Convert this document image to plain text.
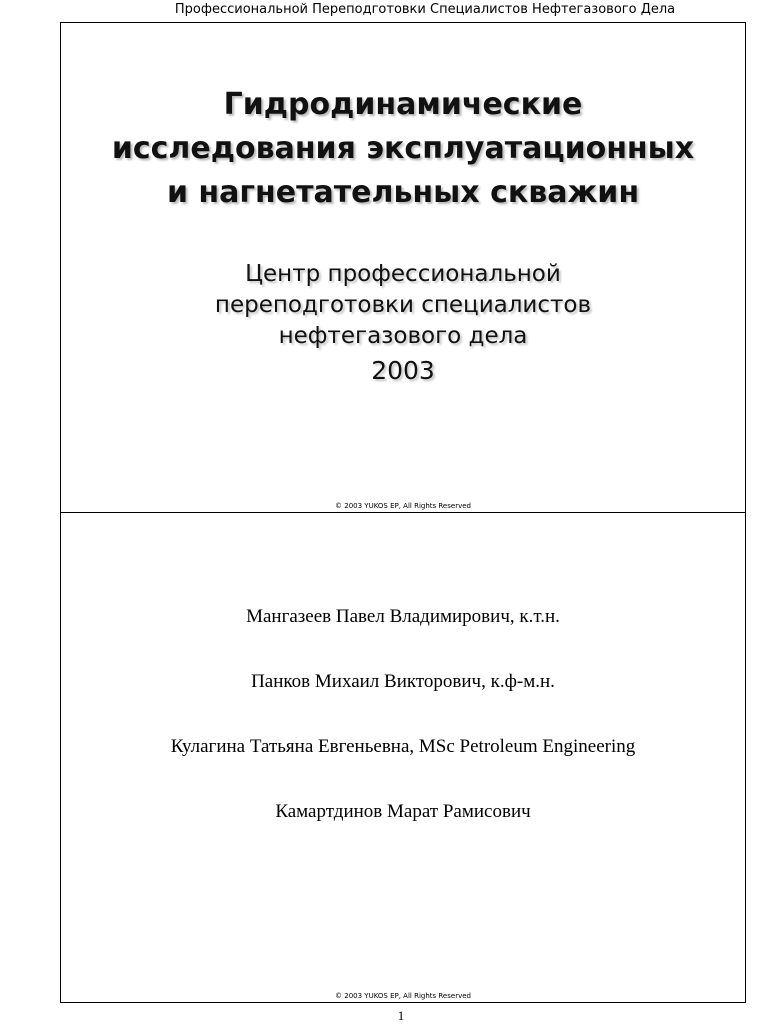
Профессиональной Переподготовки Специалистов Нефтегазового Дела
Гидродинамические
исследования эксплуатационных
и нагнетательных скважин
Центр профессиональной
переподготовки специалистов
нефтегазового дела
2003
© 2003 YUKOS EP, All Rights Reserved
Мангазеев Павел Владимирович, к.т.н.
Панков Михаил Викторович, к.ф-м.н.
Кулагина Татьяна Евгеньевна, MSc Petroleum Engineering
Камартдинов Марат Рамисович
© 2003 YUKOS EP, All Rights Reserved
1
